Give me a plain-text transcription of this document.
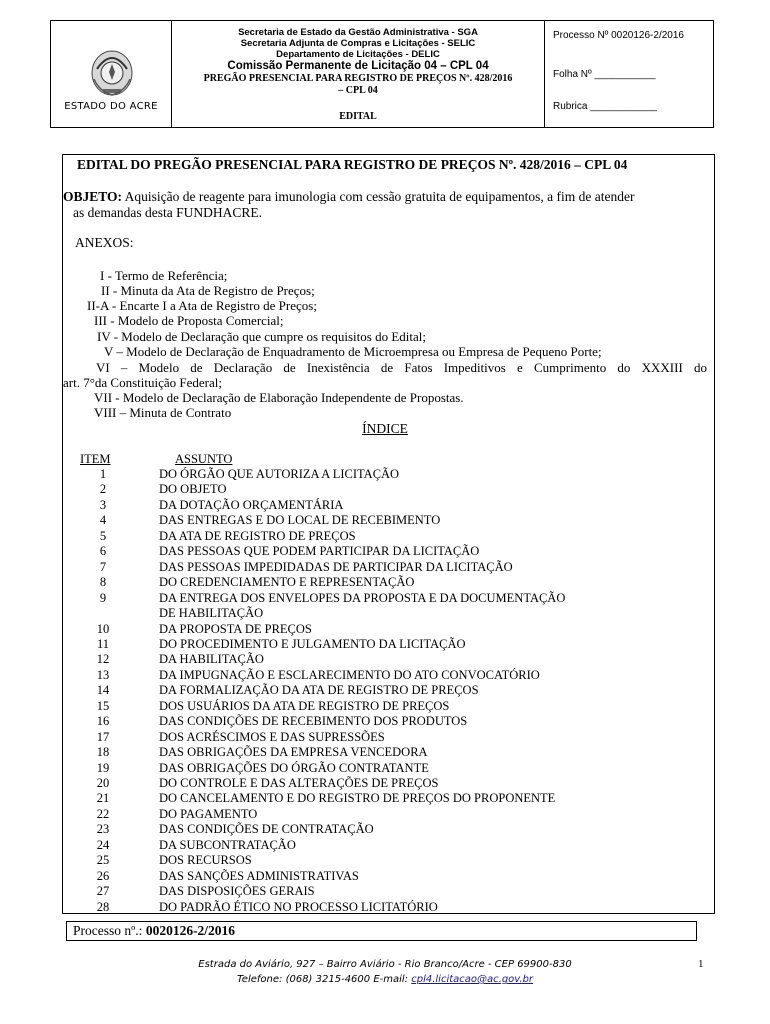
ESTADO DO ACRE
Secretaria de Estado da Gestão Administrativa - SGA
Secretaria Adjunta de Compras e Licitações - SELIC
Departamento de Licitações - DELIC
Comissão Permanente de Licitação 04 – CPL 04
PREGÃO PRESENCIAL PARA REGISTRO DE PREÇOS Nº. 428/2016
– CPL 04
EDITAL
Processo Nº 0020126-2/2016
Folha Nº ___________
Rubrica ____________
EDITAL DO PREGÃO PRESENCIAL PARA REGISTRO DE PREÇOS Nº. 428/2016 – CPL 04
OBJETO: Aquisição de reagente para imunologia com cessão gratuita de equipamentos, a fim de atender
as demandas desta FUNDHACRE.
ANEXOS:
I - Termo de Referência;
II - Minuta da Ata de Registro de Preços;
II-A - Encarte I a Ata de Registro de Preços;
III - Modelo de Proposta Comercial;
IV - Modelo de Declaração que cumpre os requisitos do Edital;
V – Modelo de Declaração de Enquadramento de Microempresa ou Empresa de Pequeno Porte;
VI – Modelo de Declaração de Inexistência de Fatos Impeditivos e Cumprimento do XXXIII do
art. 7°da Constituição Federal;
VII - Modelo de Declaração de Elaboração Independente de Propostas.
VIII – Minuta de Contrato
ÍNDICE
ITEM	ASSUNTO
1	DO ÓRGÃO QUE AUTORIZA A LICITAÇÃO
2	DO OBJETO
3	DA DOTAÇÃO ORÇAMENTÁRIA
4	DAS ENTREGAS E DO LOCAL DE RECEBIMENTO
5	DA ATA DE REGISTRO DE PREÇOS
6	DAS PESSOAS QUE PODEM PARTICIPAR DA LICITAÇÃO
7	DAS PESSOAS IMPEDIDADAS DE PARTICIPAR DA LICITAÇÃO
8	DO CREDENCIAMENTO E REPRESENTAÇÃO
9	DA ENTREGA DOS ENVELOPES DA PROPOSTA E DA DOCUMENTAÇÃO
DE HABILITAÇÃO
10	DA PROPOSTA DE PREÇOS
11	DO PROCEDIMENTO E JULGAMENTO DA LICITAÇÃO
12	DA HABILITAÇÃO
13	DA IMPUGNAÇÃO E ESCLARECIMENTO DO ATO CONVOCATÓRIO
14	DA FORMALIZAÇÃO DA ATA DE REGISTRO DE PREÇOS
15	DOS USUÁRIOS DA ATA DE REGISTRO DE PREÇOS
16	DAS CONDIÇÕES DE RECEBIMENTO DOS PRODUTOS
17	DOS ACRÉSCIMOS E DAS SUPRESSÕES
18	DAS OBRIGAÇÕES DA EMPRESA VENCEDORA
19	DAS OBRIGAÇÕES DO ÓRGÃO CONTRATANTE
20	DO CONTROLE E DAS ALTERAÇÕES DE PREÇOS
21	DO CANCELAMENTO E DO REGISTRO DE PREÇOS DO PROPONENTE
22	DO PAGAMENTO
23	DAS CONDIÇÕES DE CONTRATAÇÃO
24	DA SUBCONTRATAÇÃO
25	DOS RECURSOS
26	DAS SANÇÕES ADMINISTRATIVAS
27	DAS DISPOSIÇÕES GERAIS
28	DO PADRÃO ÉTICO NO PROCESSO LICITATÓRIO
Processo nº.: 0020126-2/2016
Estrada do Aviário, 927 – Bairro Aviário - Rio Branco/Acre - CEP 69900-830
Telefone: (068) 3215-4600 E-mail: cpl4.licitacao@ac.gov.br
1
